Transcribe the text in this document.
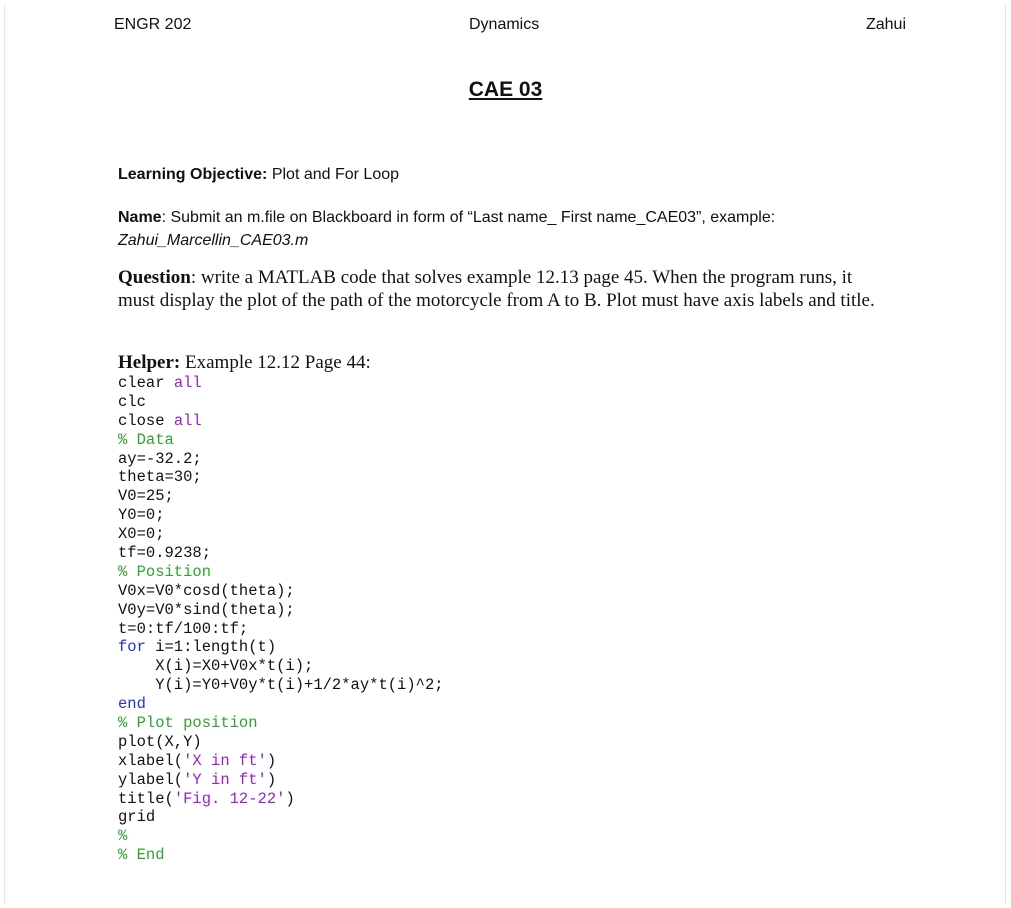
ENGR 202	Dynamics	Zahui
CAE 03
Learning Objective: Plot and For Loop
Name: Submit an m.file on Blackboard in form of “Last name_ First name_CAE03”, example:
Zahui_Marcellin_CAE03.m
Question: write a MATLAB code that solves example 12.13 page 45. When the program runs, it must display the plot of the path of the motorcycle from A to B. Plot must have axis labels and title.
Helper: Example 12.12 Page 44:
clear all
clc
close all
% Data
ay=-32.2;
theta=30;
V0=25;
Y0=0;
X0=0;
tf=0.9238;
% Position
V0x=V0*cosd(theta);
V0y=V0*sind(theta);
t=0:tf/100:tf;
for i=1:length(t)
X(i)=X0+V0x*t(i);
Y(i)=Y0+V0y*t(i)+1/2*ay*t(i)^2;
end
% Plot position
plot(X,Y)
xlabel('X in ft')
ylabel('Y in ft')
title('Fig. 12-22')
grid
%
% End
